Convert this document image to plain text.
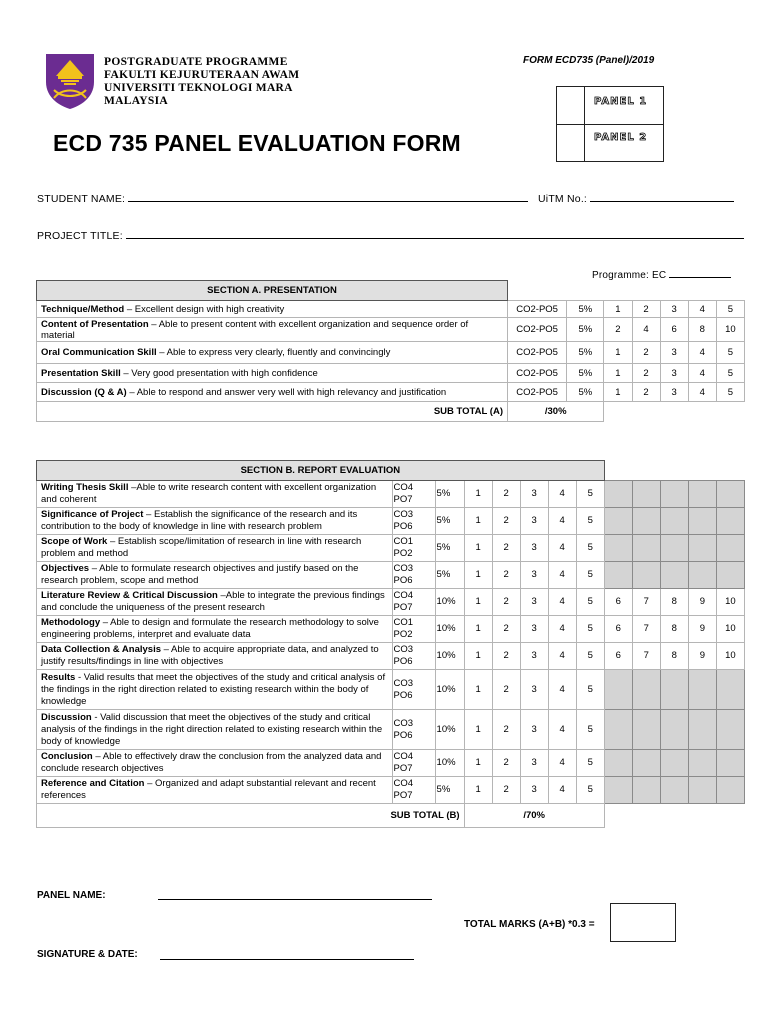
POSTGRADUATE PROGRAMME
FAKULTI KEJURUTERAAN AWAM
UNIVERSITI TEKNOLOGI MARA
MALAYSIA
FORM ECD735 (Panel)/2019
PANEL 1
PANEL 2
ECD 735 PANEL EVALUATION FORM
STUDENT NAME:	UiTM No.:
PROJECT TITLE:
Programme: EC
SECTION A. PRESENTATION							
Technique/Method – Excellent design with high creativity	CO2-PO5	5%	1	2	3	4	5
Content of Presentation – Able to present content with excellent organization and sequence order of material	CO2-PO5	5%	2	4	6	8	10
Oral Communication Skill – Able to express very clearly, fluently and convincingly	CO2-PO5	5%	1	2	3	4	5
Presentation Skill – Very good presentation with high confidence	CO2-PO5	5%	1	2	3	4	5
Discussion (Q & A) – Able to respond and answer very well with high relevancy and justification	CO2-PO5	5%	1	2	3	4	5
SUB TOTAL (A)	/30%						
SECTION B. REPORT EVALUATION												
Writing Thesis Skill –Able to write research content with excellent organization and coherent	CO4 PO7	5%	1	2	3	4	5					
Significance of Project – Establish the significance of the research and its contribution to the body of knowledge in line with research problem	CO3 PO6	5%	1	2	3	4	5					
Scope of Work – Establish scope/limitation of research in line with research problem and method	CO1 PO2	5%	1	2	3	4	5					
Objectives – Able to formulate research objectives and justify based on the research problem, scope and method	CO3 PO6	5%	1	2	3	4	5					
Literature Review & Critical Discussion –Able to integrate the previous findings and conclude the uniqueness of the present research	CO4 PO7	10%	1	2	3	4	5	6	7	8	9	10
Methodology – Able to design and formulate the research methodology to solve engineering problems, interpret and evaluate data	CO1 PO2	10%	1	2	3	4	5	6	7	8	9	10
Data Collection & Analysis – Able to acquire appropriate data, and analyzed to justify results/findings in line with objectives	CO3 PO6	10%	1	2	3	4	5	6	7	8	9	10
Results - Valid results that meet the objectives of the study and critical analysis of the findings in the right direction related to existing research within the body of knowledge	CO3 PO6	10%	1	2	3	4	5					
Discussion - Valid discussion that meet the objectives of the study and critical analysis of the findings in the right direction related to existing research within the body of knowledge	CO3 PO6	10%	1	2	3	4	5					
Conclusion – Able to effectively draw the conclusion from the analyzed data and conclude research objectives	CO4 PO7	10%	1	2	3	4	5					
Reference and Citation – Organized and adapt substantial relevant and recent references	CO4 PO7	5%	1	2	3	4	5					
SUB TOTAL (B)			/70%									
PANEL NAME:
TOTAL MARKS (A+B) *0.3 =
SIGNATURE & DATE:
